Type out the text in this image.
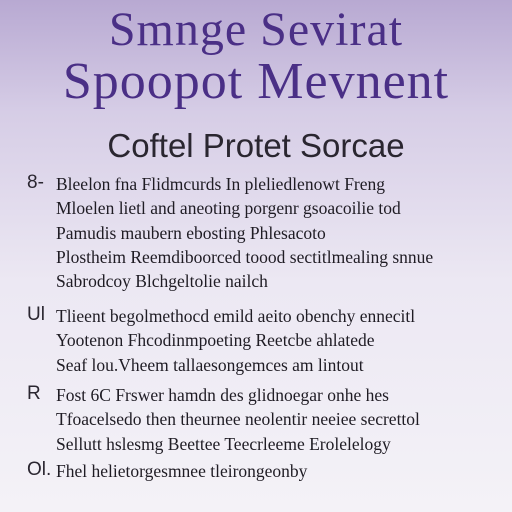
Smnge Sevirat
Spoopot Mevnent
Coftel Protet Sorcae
8- Bleelon fna Flidmcurds In pleliedlenowt Freng
Mloelen lietl and aneoting porgenr gsoacoilie tod
Pamudis maubern ebosting Phlesacoto
Plostheim Reemdiboorced toood sectitlmealing snnue
Sabrodcoy Blchgeltolie nailch
Ul Tlieent begolmethocd emild aeito obenchy ennecitl
Yootenon Fhcodinmpoeting Reetcbe ahlatede
Seaf lou.Vheem tallaesongemces am lintout
R Fost 6C Frswer hamdn des glidnoegar onhe hes
Tfoacelsedo then theurnee neolentir neeiee secrettol
Sellutt hslesmg Beettee Teecrleeme Erolelelogy
Ol. Fhel helietorgesmnee tleirongeonby
